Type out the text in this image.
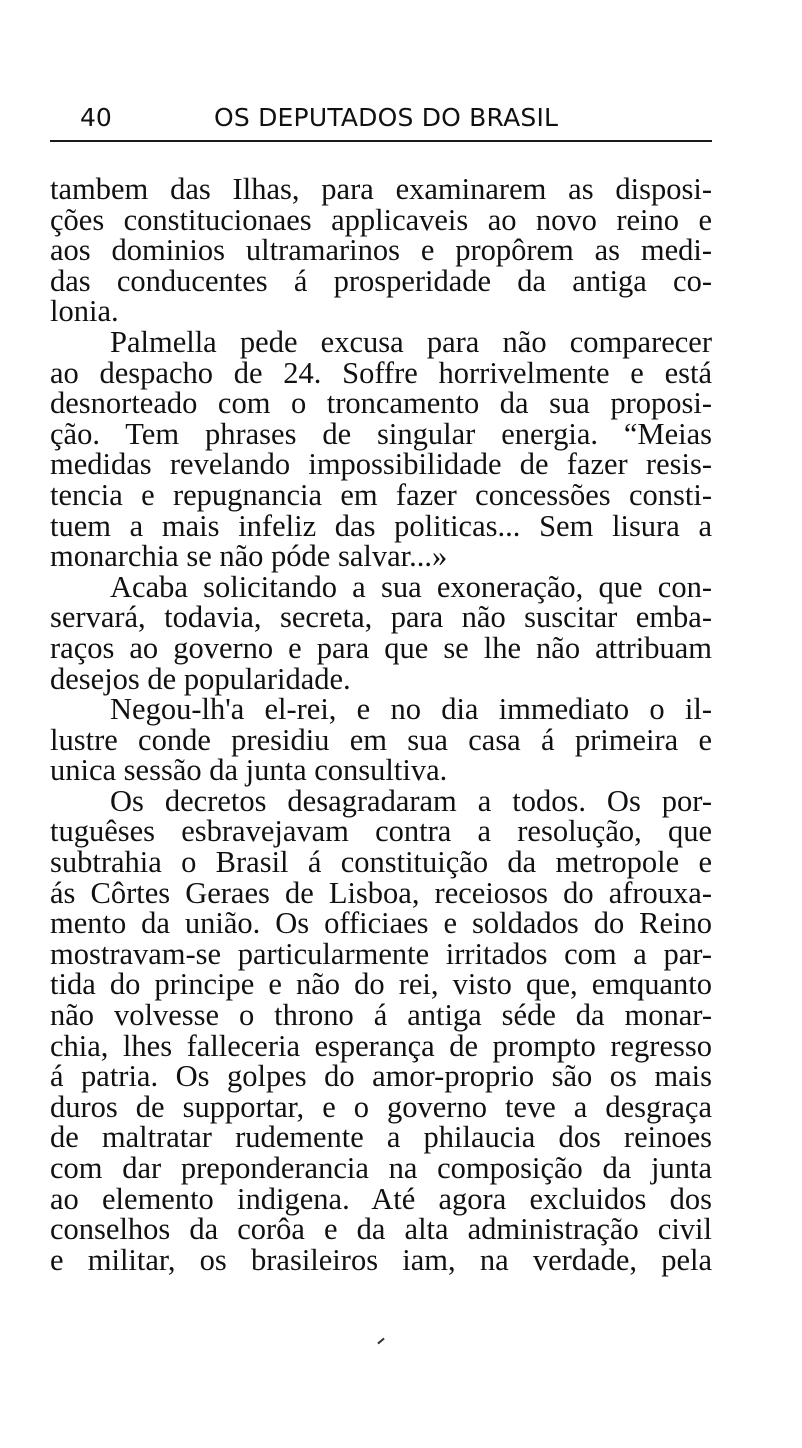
40	OS DEPUTADOS DO BRASIL
tambem das Ilhas, para examinarem as disposi-
ções constitucionaes applicaveis ao novo reino e
aos dominios ultramarinos e propôrem as medi-
das conducentes á prosperidade da antiga co-
lonia.
Palmella pede excusa para não comparecer
ao despacho de 24. Soffre horrivelmente e está
desnorteado com o troncamento da sua proposi-
ção. Tem phrases de singular energia. “Meias
medidas revelando impossibilidade de fazer resis-
tencia e repugnancia em fazer concessões consti-
tuem a mais infeliz das politicas... Sem lisura a
monarchia se não póde salvar...»
Acaba solicitando a sua exoneração, que con-
servará, todavia, secreta, para não suscitar emba-
raços ao governo e para que se lhe não attribuam
desejos de popularidade.
Negou-lh'a el-rei, e no dia immediato o il-
lustre conde presidiu em sua casa á primeira e
unica sessão da junta consultiva.
Os decretos desagradaram a todos. Os por-
tuguêses esbravejavam contra a resolução, que
subtrahia o Brasil á constituição da metropole e
ás Côrtes Geraes de Lisboa, receiosos do afrouxa-
mento da união. Os officiaes e soldados do Reino
mostravam-se particularmente irritados com a par-
tida do principe e não do rei, visto que, emquanto
não volvesse o throno á antiga séde da monar-
chia, lhes falleceria esperança de prompto regresso
á patria. Os golpes do amor-proprio são os mais
duros de supportar, e o governo teve a desgraça
de maltratar rudemente a philaucia dos reinoes
com dar preponderancia na composição da junta
ao elemento indigena. Até agora excluidos dos
conselhos da corôa e da alta administração civil
e militar, os brasileiros iam, na verdade, pela
